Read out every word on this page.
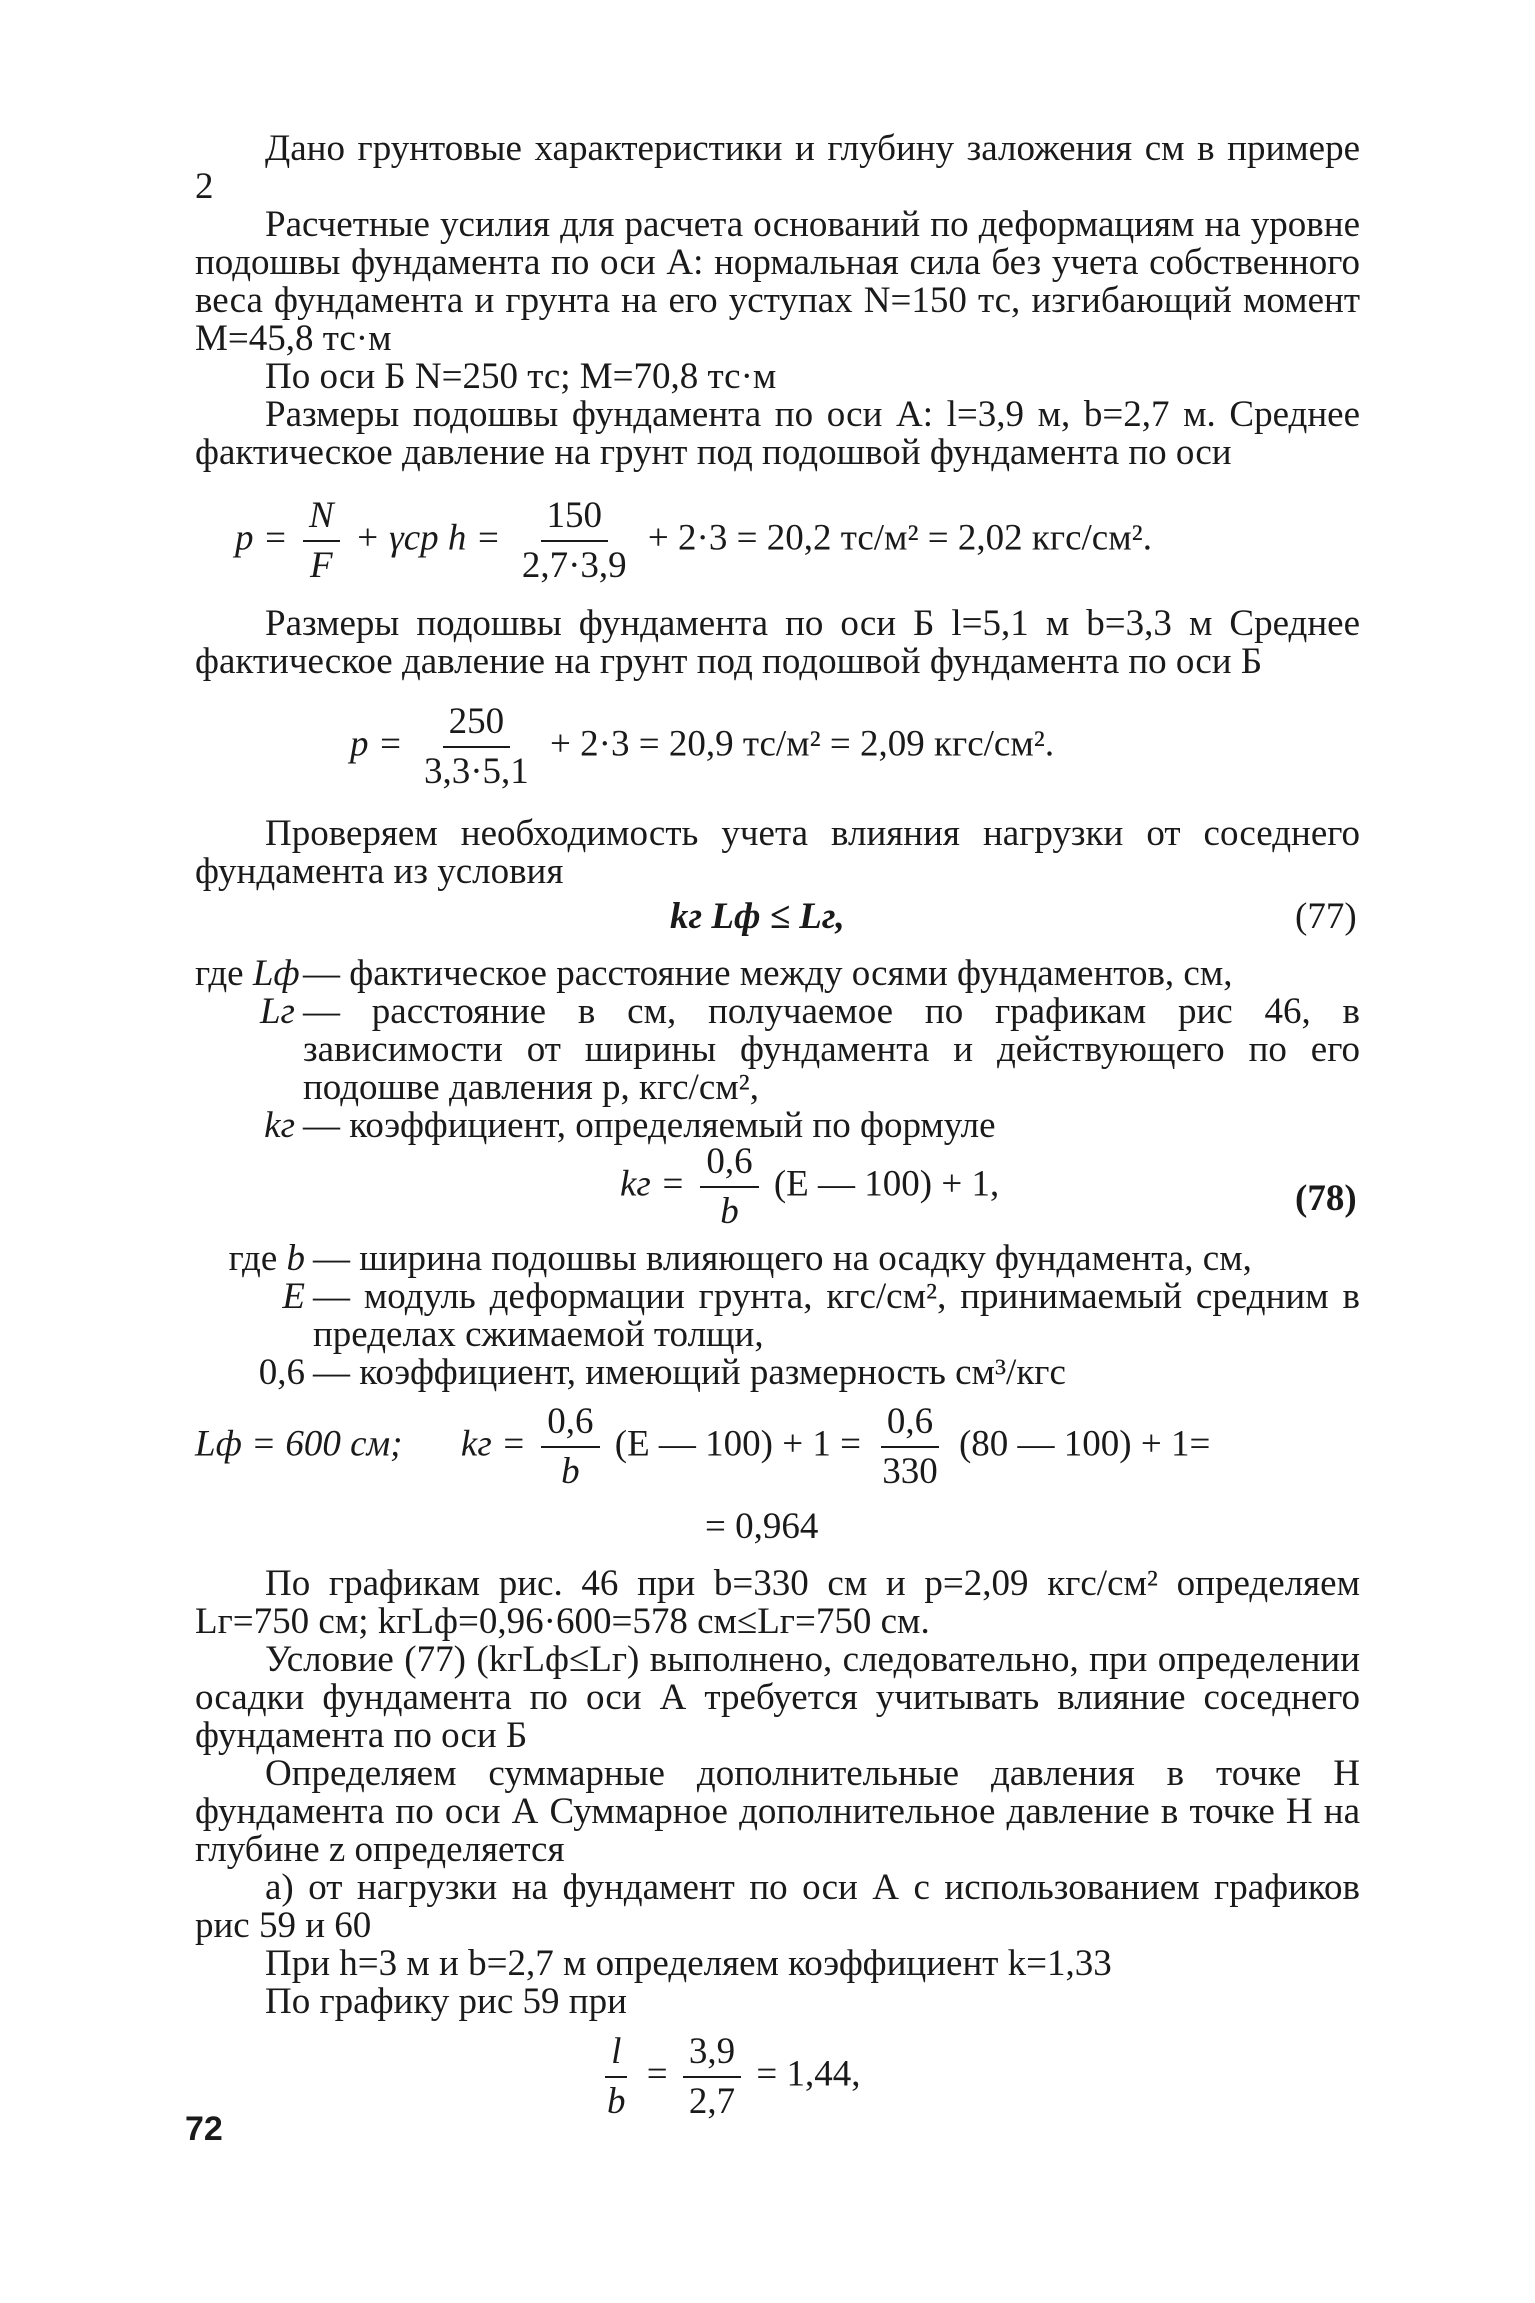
Дано грунтовые характеристики и глубину заложения см в примере 2
Расчетные усилия для расчета оснований по деформациям на уровне подошвы фундамента по оси А: нормальная сила без учета собственного веса фундамента и грунта на его уступах N=150 тс, изгибающий момент М=45,8 тс·м
По оси Б N=250 тс; М=70,8 тс·м
Размеры подошвы фундамента по оси А: l=3,9 м, b=2,7 м. Среднее фактическое давление на грунт под подошвой фундамента по оси
$p = \frac{N}{F} + \gamma ср$ $h = \frac{150}{2,7\cdot 3,9} + 2\cdot 3 = 20,2$ тс/м² = 2,02 кгс/см².
Размеры подошвы фундамента по оси Б l=5,1 м b=3,3 м Среднее фактическое давление на грунт под подошвой фундамента по оси Б
$p = \frac{250}{3,3\cdot 5,1} + 2\cdot 3 = 20,9$ тс/м² = 2,09 кгс/см².
Проверяем необходимость учета влияния нагрузки от соседнего фундамента из условия
kг Lф ≤ Lг,	(77)
где Lф — фактическое расстояние между осями фундаментов, см,
Lг — расстояние в см, получаемое по графикам рис 46, в зависимости от ширины фундамента и действующего по его подошве давления p, кгс/см²,
kг — коэффициент, определяемый по формуле
kг = $\frac{0,6}{b} (E$ — 100) + 1,	(78)
где b — ширина подошвы влияющего на осадку фундамента, см,
E — модуль деформации грунта, кгс/см², принимаемый средним в пределах сжимаемой толщи,
0,6 — коэффициент, имеющий размерность см³/кгс
Lф = 600 см; kг = $\frac{0,6}{b} (E$ — $100) + 1 = \frac{0,6}{330} (80$ — 100) + 1=
= 0,964
По графикам рис. 46 при b=330 см и p=2,09 кгс/см² определяем Lг=750 см; kгLф=0,96·600=578 см≤Lг=750 см.
Условие (77) (kгLф≤Lг) выполнено, следовательно, при определении осадки фундамента по оси А требуется учитывать влияние соседнего фундамента по оси Б
Определяем суммарные дополнительные давления в точке Н фундамента по оси А Суммарное дополнительное давление в точке Н на глубине z определяется
а) от нагрузки на фундамент по оси А с использованием графиков рис 59 и 60
При h=3 м и b=2,7 м определяем коэффициент k=1,33
По графику рис 59 при
$\frac{l}{b} = \frac{3,9}{2,7} = 1,44$,
72
